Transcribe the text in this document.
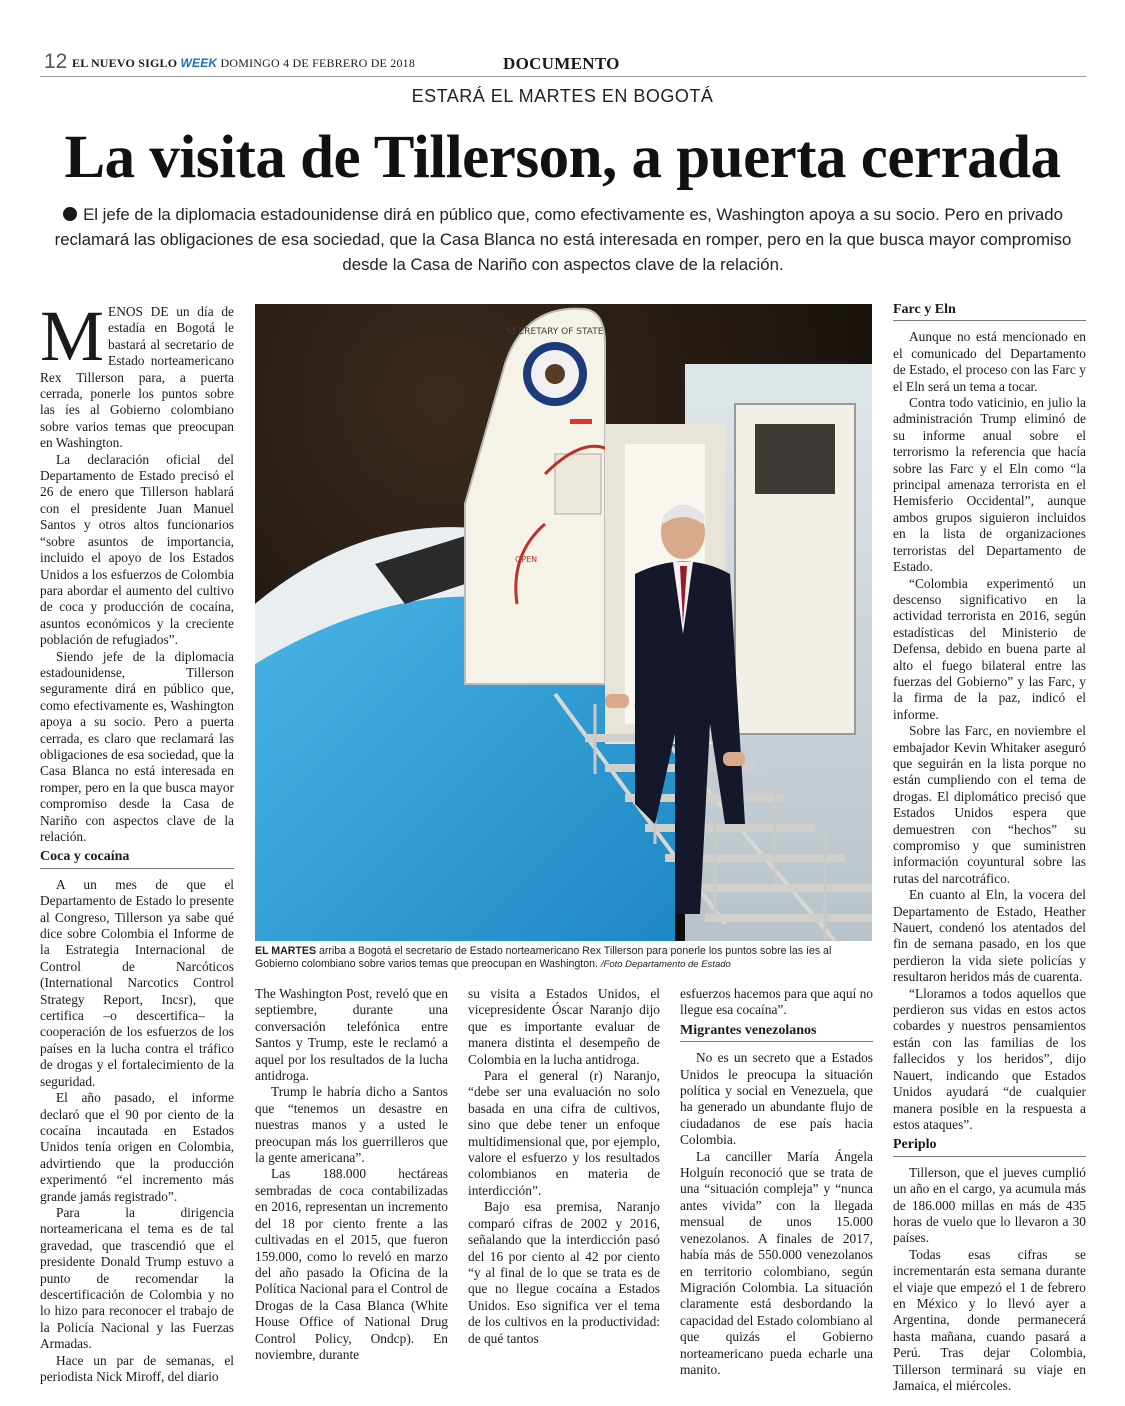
12 EL NUEVO SIGLO WEEK DOMINGO 4 DE FEBRERO DE 2018	DOCUMENTO
ESTARÁ EL MARTES EN BOGOTÁ
La visita de Tillerson, a puerta cerrada
El jefe de la diplomacia estadounidense dirá en público que, como efectivamente es, Washington apoya a su socio. Pero en privado reclamará las obligaciones de esa sociedad, que la Casa Blanca no está interesada en romper, pero en la que busca mayor compromiso desde la Casa de Nariño con aspectos clave de la relación.

MENOS DE un día de estadía en Bogotá le bastará al secretario de Estado norteamericano Rex Tillerson para, a puerta cerrada, ponerle los puntos sobre las íes al Gobierno colombiano sobre varios temas que preocupan en Washington.

La declaración oficial del Departamento de Estado precisó el 26 de enero que Tillerson hablará con el presidente Juan Manuel Santos y otros altos funcionarios “sobre asuntos de importancia, incluido el apoyo de los Estados Unidos a los esfuerzos de Colombia para abordar el aumento del cultivo de coca y producción de cocaína, asuntos económicos y la creciente población de refugiados”.

Siendo jefe de la diplomacia estadounidense, Tillerson seguramente dirá en público que, como efectivamente es, Washington apoya a su socio. Pero a puerta cerrada, es claro que reclamará las obligaciones de esa sociedad, que la Casa Blanca no está interesada en romper, pero en la que busca mayor compromiso desde la Casa de Nariño con aspectos clave de la relación.

Coca y cocaína

A un mes de que el Departamento de Estado lo presente al Congreso, Tillerson ya sabe qué dice sobre Colombia el Informe de la Estrategia Internacional de Control de Narcóticos (International Narcotics Control Strategy Report, Incsr), que certifica –o descertifica– la cooperación de los esfuerzos de los países en la lucha contra el tráfico de drogas y el fortalecimiento de la seguridad.

El año pasado, el informe declaró que el 90 por ciento de la cocaína incautada en Estados Unidos tenía origen en Colombia, advirtiendo que la producción experimentó “el incremento más grande jamás registrado”.

Para la dirigencia norteamericana el tema es de tal gravedad, que trascendió que el presidente Donald Trump estuvo a punto de recomendar la descertificación de Colombia y no lo hizo para reconocer el trabajo de la Policía Nacional y las Fuerzas Armadas.

Hace un par de semanas, el periodista Nick Miroff, del diario

SECRETARY OF STATE
OPEN
EL MARTES arriba a Bogotá el secretario de Estado norteamericano Rex Tillerson para ponerle los puntos sobre las íes al Gobierno colombiano sobre varios temas que preocupan en Washington. /Foto Departamento de Estado

The Washington Post, reveló que en septiembre, durante una conversación telefónica entre Santos y Trump, este le reclamó a aquel por los resultados de la lucha antidroga.

Trump le habría dicho a Santos que “tenemos un desastre en nuestras manos y a usted le preocupan más los guerrilleros que la gente americana”.

Las 188.000 hectáreas sembradas de coca contabilizadas en 2016, representan un incremento del 18 por ciento frente a las cultivadas en el 2015, que fueron 159.000, como lo reveló en marzo del año pasado la Oficina de la Política Nacional para el Control de Drogas de la Casa Blanca (White House Office of National Drug Control Policy, Ondcp). En noviembre, durante

su visita a Estados Unidos, el vicepresidente Óscar Naranjo dijo que es importante evaluar de manera distinta el desempeño de Colombia en la lucha antidroga.

Para el general (r) Naranjo, “debe ser una evaluación no solo basada en una cifra de cultivos, sino que debe tener un enfoque multidimensional que, por ejemplo, valore el esfuerzo y los resultados colombianos en materia de interdicción”.

Bajo esa premisa, Naranjo comparó cifras de 2002 y 2016, señalando que la interdicción pasó del 16 por ciento al 42 por ciento “y al final de lo que se trata es de que no llegue cocaína a Estados Unidos. Eso significa ver el tema de los cultivos en la productividad: de qué tantos

esfuerzos hacemos para que aquí no llegue esa cocaína”.

Migrantes venezolanos

No es un secreto que a Estados Unidos le preocupa la situación política y social en Venezuela, que ha generado un abundante flujo de ciudadanos de ese país hacia Colombia.

La canciller María Ángela Holguín reconoció que se trata de una “situación compleja” y “nunca antes vivida” con la llegada mensual de unos 15.000 venezolanos. A finales de 2017, había más de 550.000 venezolanos en territorio colombiano, según Migración Colombia. La situación claramente está desbordando la capacidad del Estado colombiano al que quizás el Gobierno norteamericano pueda echarle una manito.

Farc y Eln

Aunque no está mencionado en el comunicado del Departamento de Estado, el proceso con las Farc y el Eln será un tema a tocar.

Contra todo vaticinio, en julio la administración Trump eliminó de su informe anual sobre el terrorismo la referencia que hacía sobre las Farc y el Eln como “la principal amenaza terrorista en el Hemisferio Occidental”, aunque ambos grupos siguieron incluidos en la lista de organizaciones terroristas del Departamento de Estado.

“Colombia experimentó un descenso significativo en la actividad terrorista en 2016, según estadísticas del Ministerio de Defensa, debido en buena parte al alto el fuego bilateral entre las fuerzas del Gobierno” y las Farc, y la firma de la paz, indicó el informe.

Sobre las Farc, en noviembre el embajador Kevin Whitaker aseguró que seguirán en la lista porque no están cumpliendo con el tema de drogas. El diplomático precisó que Estados Unidos espera que demuestren con “hechos” su compromiso y que suministren información coyuntural sobre las rutas del narcotráfico.

En cuanto al Eln, la vocera del Departamento de Estado, Heather Nauert, condenó los atentados del fin de semana pasado, en los que perdieron la vida siete policías y resultaron heridos más de cuarenta.

“Lloramos a todos aquellos que perdieron sus vidas en estos actos cobardes y nuestros pensamientos están con las familias de los fallecidos y los heridos”, dijo Nauert, indicando que Estados Unidos ayudará “de cualquier manera posible en la respuesta a estos ataques”.

Periplo

Tillerson, que el jueves cumplió un año en el cargo, ya acumula más de 186.000 millas en más de 435 horas de vuelo que lo llevaron a 30 países.

Todas esas cifras se incrementarán esta semana durante el viaje que empezó el 1 de febrero en México y lo llevó ayer a Argentina, donde permanecerá hasta mañana, cuando pasará a Perú. Tras dejar Colombia, Tillerson terminará su viaje en Jamaica, el miércoles.
